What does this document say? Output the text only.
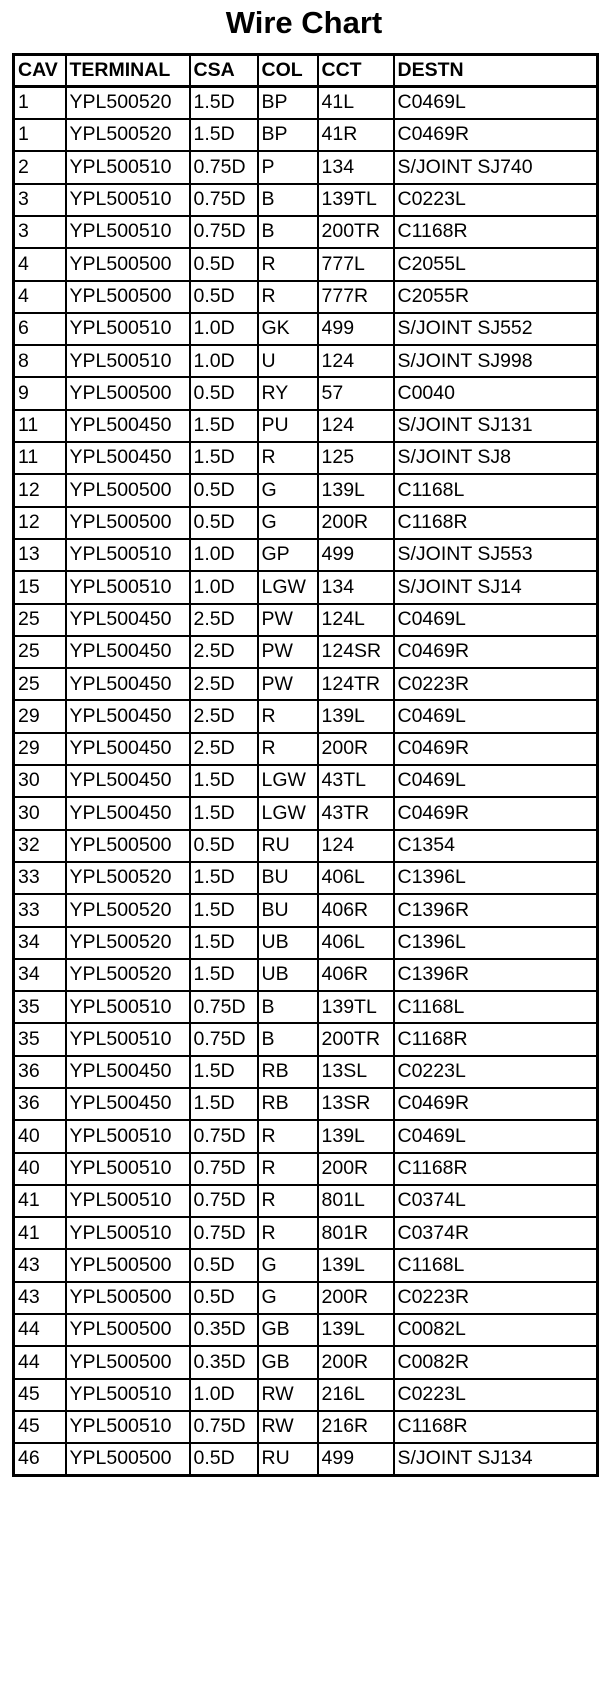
Wire Chart
CAV	TERMINAL	CSA	COL	CCT	DESTN
1	YPL500520	1.5D	BP	41L	C0469L
1	YPL500520	1.5D	BP	41R	C0469R
2	YPL500510	0.75D	P	134	S/JOINT SJ740
3	YPL500510	0.75D	B	139TL	C0223L
3	YPL500510	0.75D	B	200TR	C1168R
4	YPL500500	0.5D	R	777L	C2055L
4	YPL500500	0.5D	R	777R	C2055R
6	YPL500510	1.0D	GK	499	S/JOINT SJ552
8	YPL500510	1.0D	U	124	S/JOINT SJ998
9	YPL500500	0.5D	RY	57	C0040
11	YPL500450	1.5D	PU	124	S/JOINT SJ131
11	YPL500450	1.5D	R	125	S/JOINT SJ8
12	YPL500500	0.5D	G	139L	C1168L
12	YPL500500	0.5D	G	200R	C1168R
13	YPL500510	1.0D	GP	499	S/JOINT SJ553
15	YPL500510	1.0D	LGW	134	S/JOINT SJ14
25	YPL500450	2.5D	PW	124L	C0469L
25	YPL500450	2.5D	PW	124SR	C0469R
25	YPL500450	2.5D	PW	124TR	C0223R
29	YPL500450	2.5D	R	139L	C0469L
29	YPL500450	2.5D	R	200R	C0469R
30	YPL500450	1.5D	LGW	43TL	C0469L
30	YPL500450	1.5D	LGW	43TR	C0469R
32	YPL500500	0.5D	RU	124	C1354
33	YPL500520	1.5D	BU	406L	C1396L
33	YPL500520	1.5D	BU	406R	C1396R
34	YPL500520	1.5D	UB	406L	C1396L
34	YPL500520	1.5D	UB	406R	C1396R
35	YPL500510	0.75D	B	139TL	C1168L
35	YPL500510	0.75D	B	200TR	C1168R
36	YPL500450	1.5D	RB	13SL	C0223L
36	YPL500450	1.5D	RB	13SR	C0469R
40	YPL500510	0.75D	R	139L	C0469L
40	YPL500510	0.75D	R	200R	C1168R
41	YPL500510	0.75D	R	801L	C0374L
41	YPL500510	0.75D	R	801R	C0374R
43	YPL500500	0.5D	G	139L	C1168L
43	YPL500500	0.5D	G	200R	C0223R
44	YPL500500	0.35D	GB	139L	C0082L
44	YPL500500	0.35D	GB	200R	C0082R
45	YPL500510	1.0D	RW	216L	C0223L
45	YPL500510	0.75D	RW	216R	C1168R
46	YPL500500	0.5D	RU	499	S/JOINT SJ134
